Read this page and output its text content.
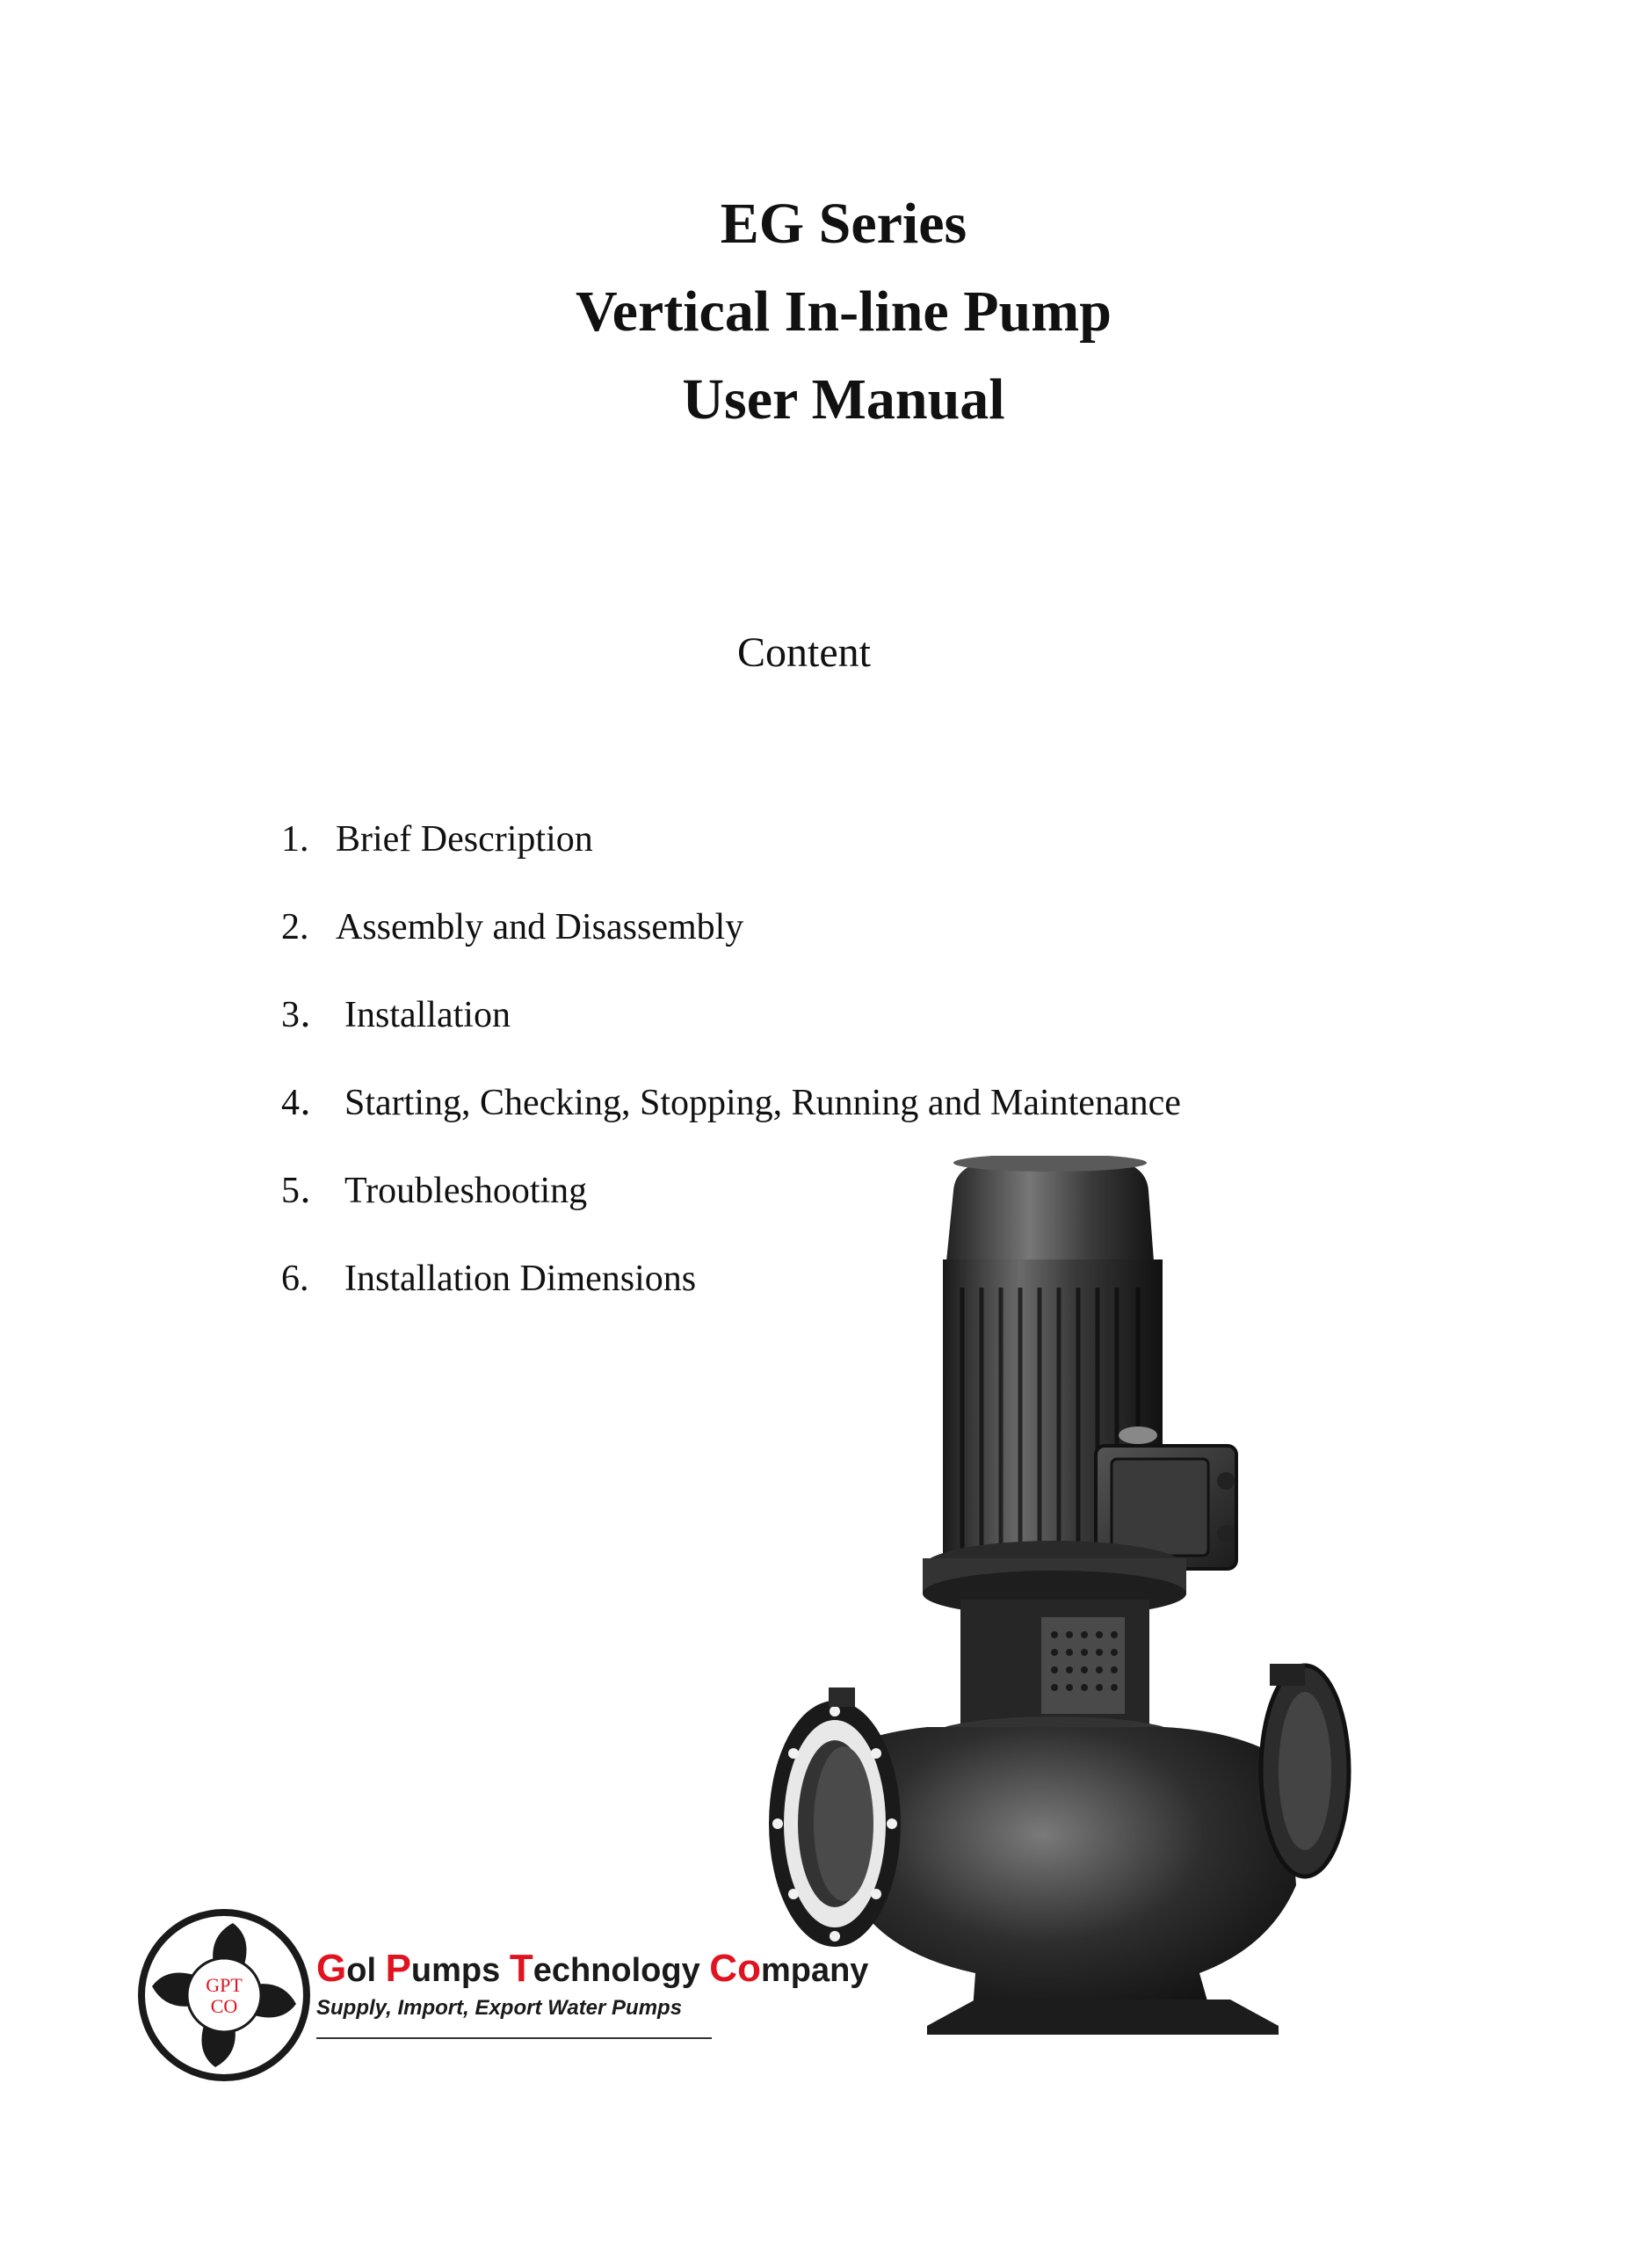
EG Series
Vertical In-line Pump
User Manual
Content
1. Brief Description
2. Assembly and Disassembly
3． Installation
4． Starting, Checking, Stopping, Running and Maintenance
5． Troubleshooting
6. Installation Dimensions
GPT
CO
Gol Pumps Technology Company
Supply, Import, Export Water Pumps
